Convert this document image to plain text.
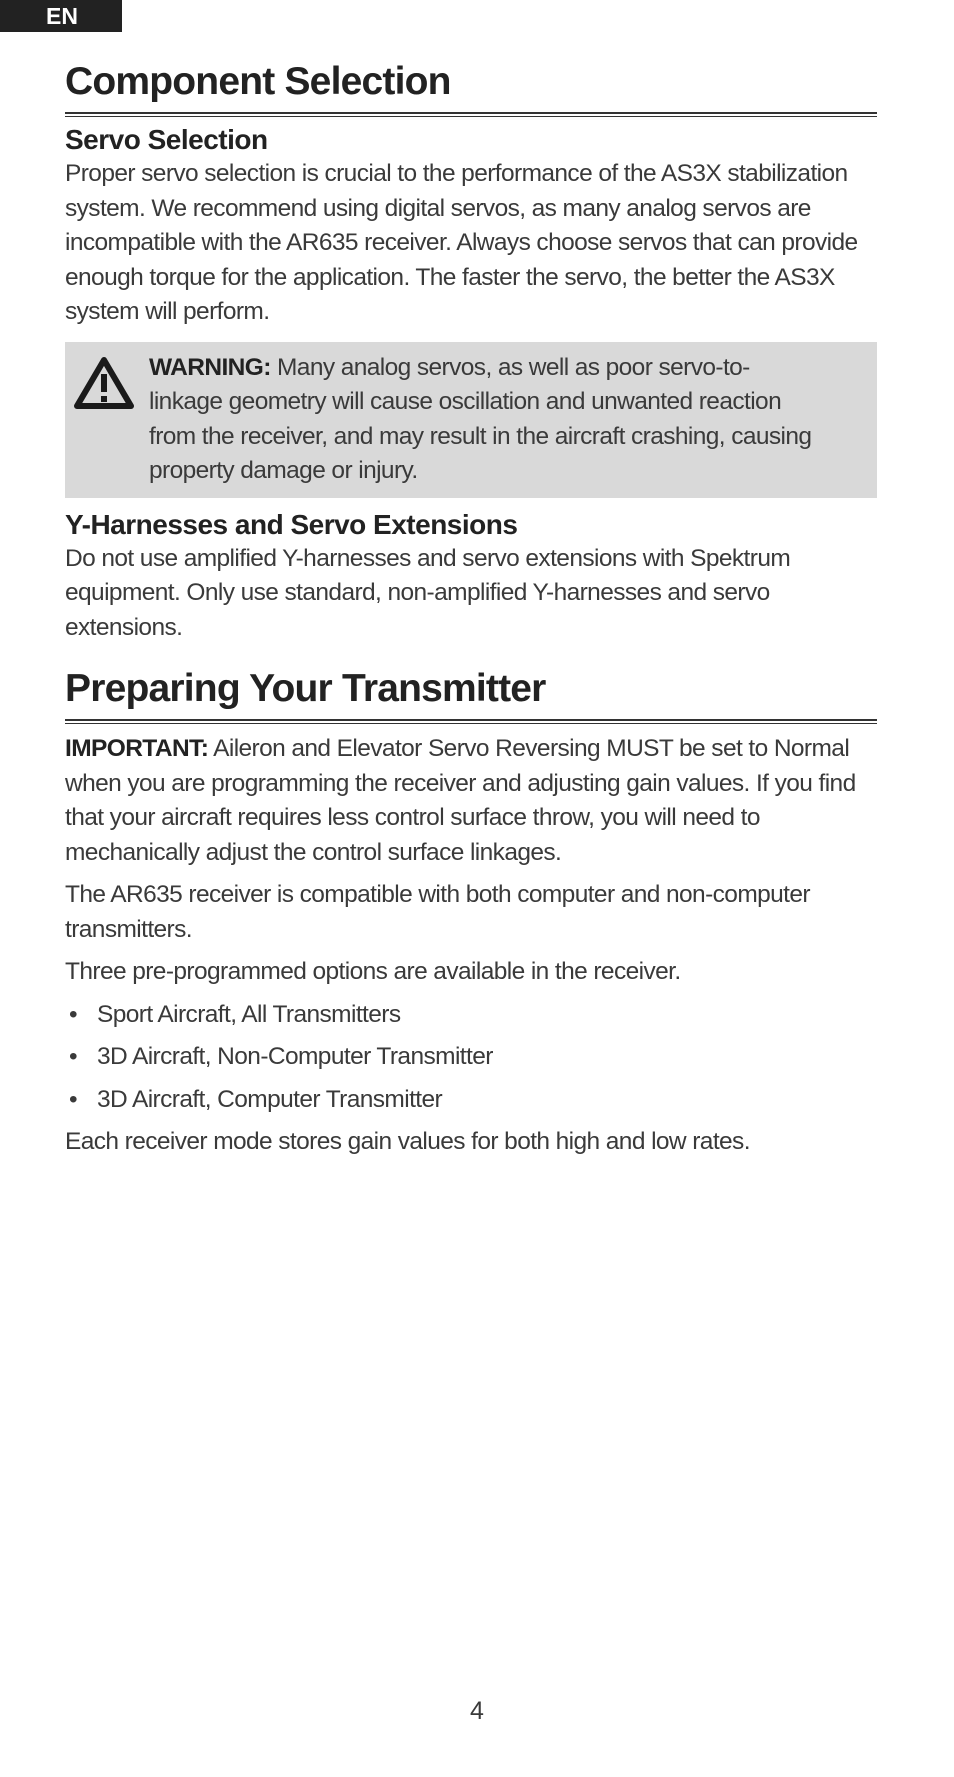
EN
Component Selection
Servo Selection

Proper servo selection is crucial to the performance of the AS3X stabilization system. We recommend using digital servos, as many analog servos are incompatible with the AR635 receiver. Always choose servos that can provide enough torque for the application. The faster the servo, the better the AS3X system will perform.

WARNING: Many analog servos, as well as poor servo-to-linkage geometry will cause oscillation and unwanted reaction from the receiver, and may result in the aircraft crashing, causing property damage or injury.

Y-Harnesses and Servo Extensions

Do not use amplified Y-harnesses and servo extensions with Spektrum equipment. Only use standard, non-amplified Y-harnesses and servo extensions.

Preparing Your Transmitter

IMPORTANT: Aileron and Elevator Servo Reversing MUST be set to Normal when you are programming the receiver and adjusting gain values. If you find that your aircraft requires less control surface throw, you will need to mechanically adjust the control surface linkages.

The AR635 receiver is compatible with both computer and non-computer transmitters.

Three pre-programmed options are available in the receiver.

• Sport Aircraft, All Transmitters
• 3D Aircraft, Non-Computer Transmitter
• 3D Aircraft, Computer Transmitter

Each receiver mode stores gain values for both high and low rates.

4
